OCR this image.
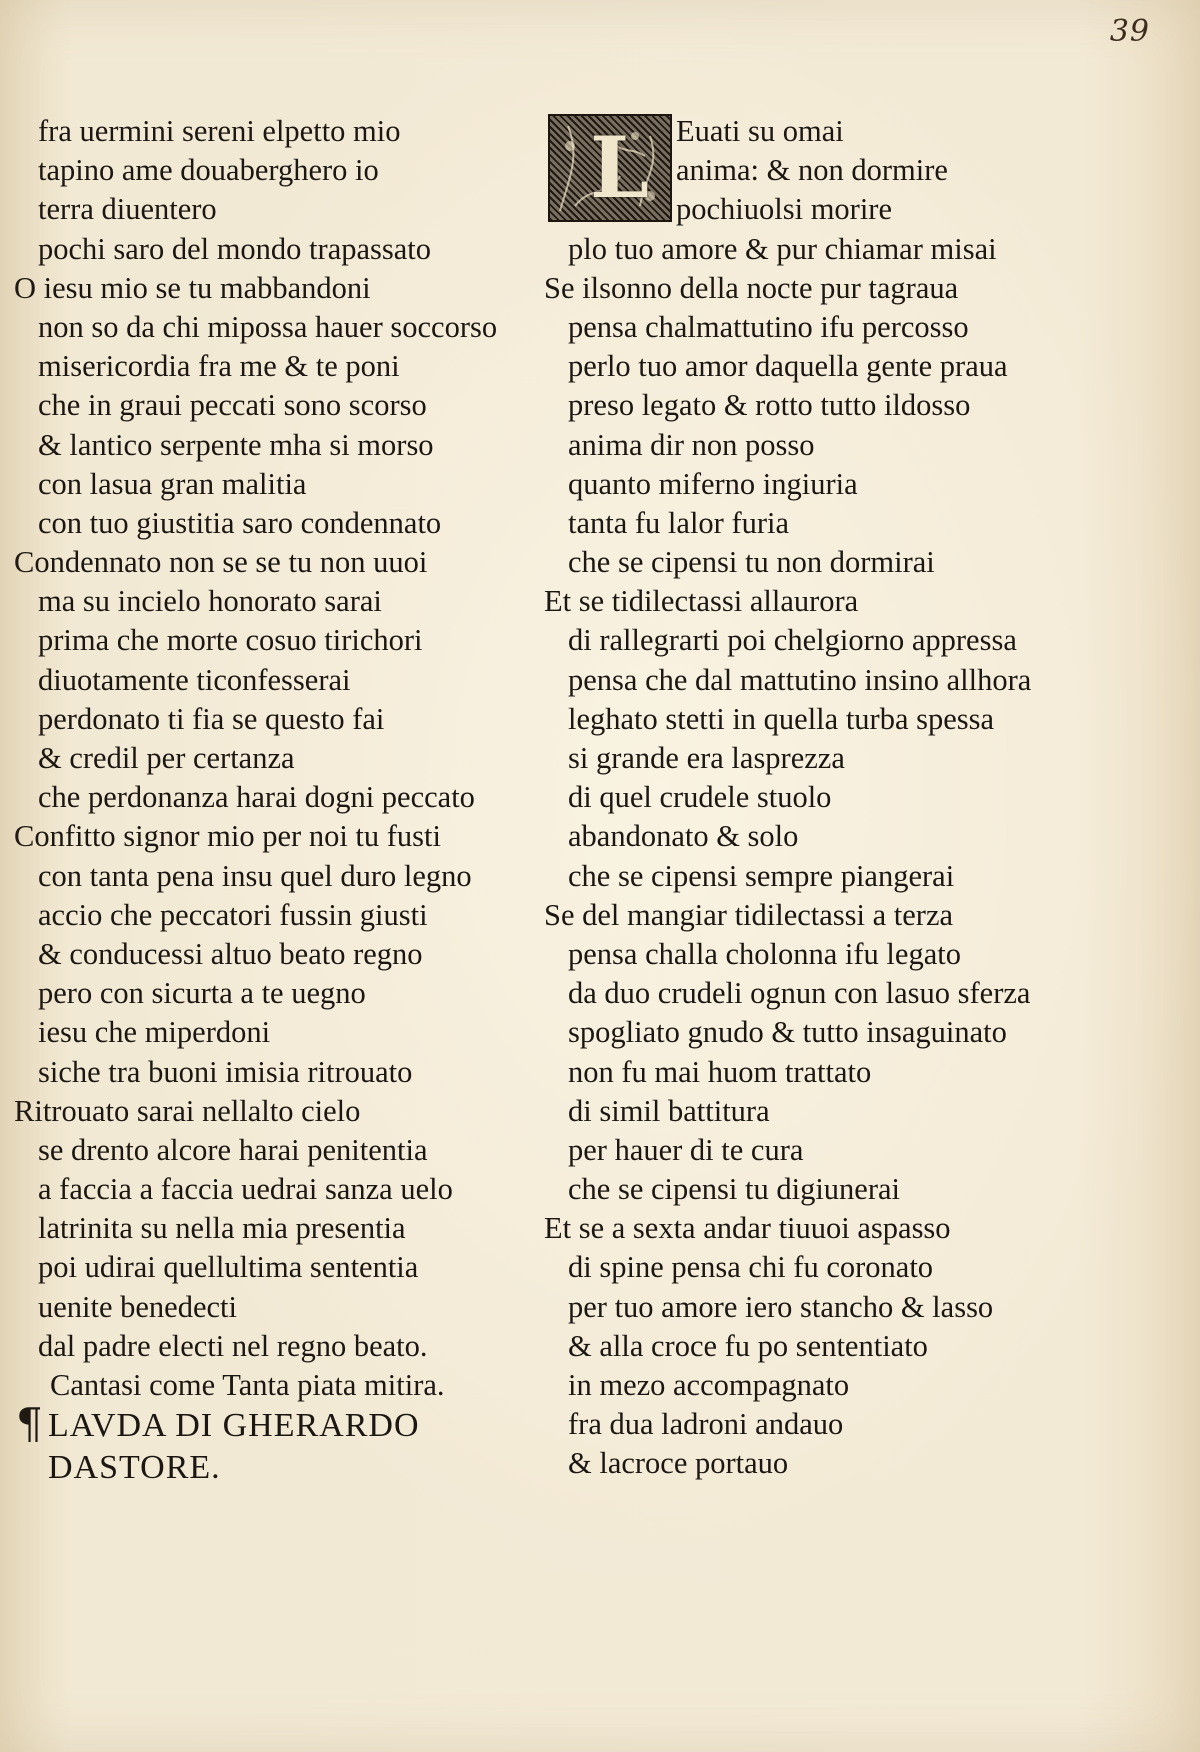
39
fra uermini sereni elpetto mio
tapino ame douaberghero io
terra diuentero
pochi saro del mondo trapassato
O iesu mio se tu mabbandoni
non so da chi mipossa hauer soccorso
misericordia fra me & te poni
che in graui peccati sono scorso
& lantico serpente mha si morso
con lasua gran malitia
con tuo giustitia saro condennato
Condennato non se se tu non uuoi
ma su incielo honorato sarai
prima che morte cosuo tirichori
diuotamente ticonfesserai
perdonato ti fia se questo fai
& credil per certanza
che perdonanza harai dogni peccato
Confitto signor mio per noi tu fusti
con tanta pena insu quel duro legno
accio che peccatori fussin giusti
& conducessi altuo beato regno
pero con sicurta a te uegno
iesu che miperdoni
siche tra buoni imisia ritrouato
Ritrouato sarai nellalto cielo
se drento alcore harai penitentia
a faccia a faccia uedrai sanza uelo
latrinita su nella mia presentia
poi udirai quellultima sententia
uenite benedecti
dal padre electi nel regno beato.
Cantasi come Tanta piata mitira.
¶ LAVDA DI GHERARDO
DASTORE.
L Euati su omai
anima: & non dormire
pochiuolsi morire
plo tuo amore & pur chiamar misai
Se ilsonno della nocte pur tagraua
pensa chalmattutino ifu percosso
perlo tuo amor daquella gente praua
preso legato & rotto tutto ildosso
anima dir non posso
quanto miferno ingiuria
tanta fu lalor furia
che se cipensi tu non dormirai
Et se tidilectassi allaurora
di rallegrarti poi chelgiorno appressa
pensa che dal mattutino insino allhora
leghato stetti in quella turba spessa
si grande era lasprezza
di quel crudele stuolo
abandonato & solo
che se cipensi sempre piangerai
Se del mangiar tidilectassi a terza
pensa challa cholonna ifu legato
da duo crudeli ognun con lasuo sferza
spogliato gnudo & tutto insaguinato
non fu mai huom trattato
di simil battitura
per hauer di te cura
che se cipensi tu digiunerai
Et se a sexta andar tiuuoi aspasso
di spine pensa chi fu coronato
per tuo amore iero stancho & lasso
& alla croce fu po sententiato
in mezo accompagnato
fra dua ladroni andauo
& lacroce portauo
